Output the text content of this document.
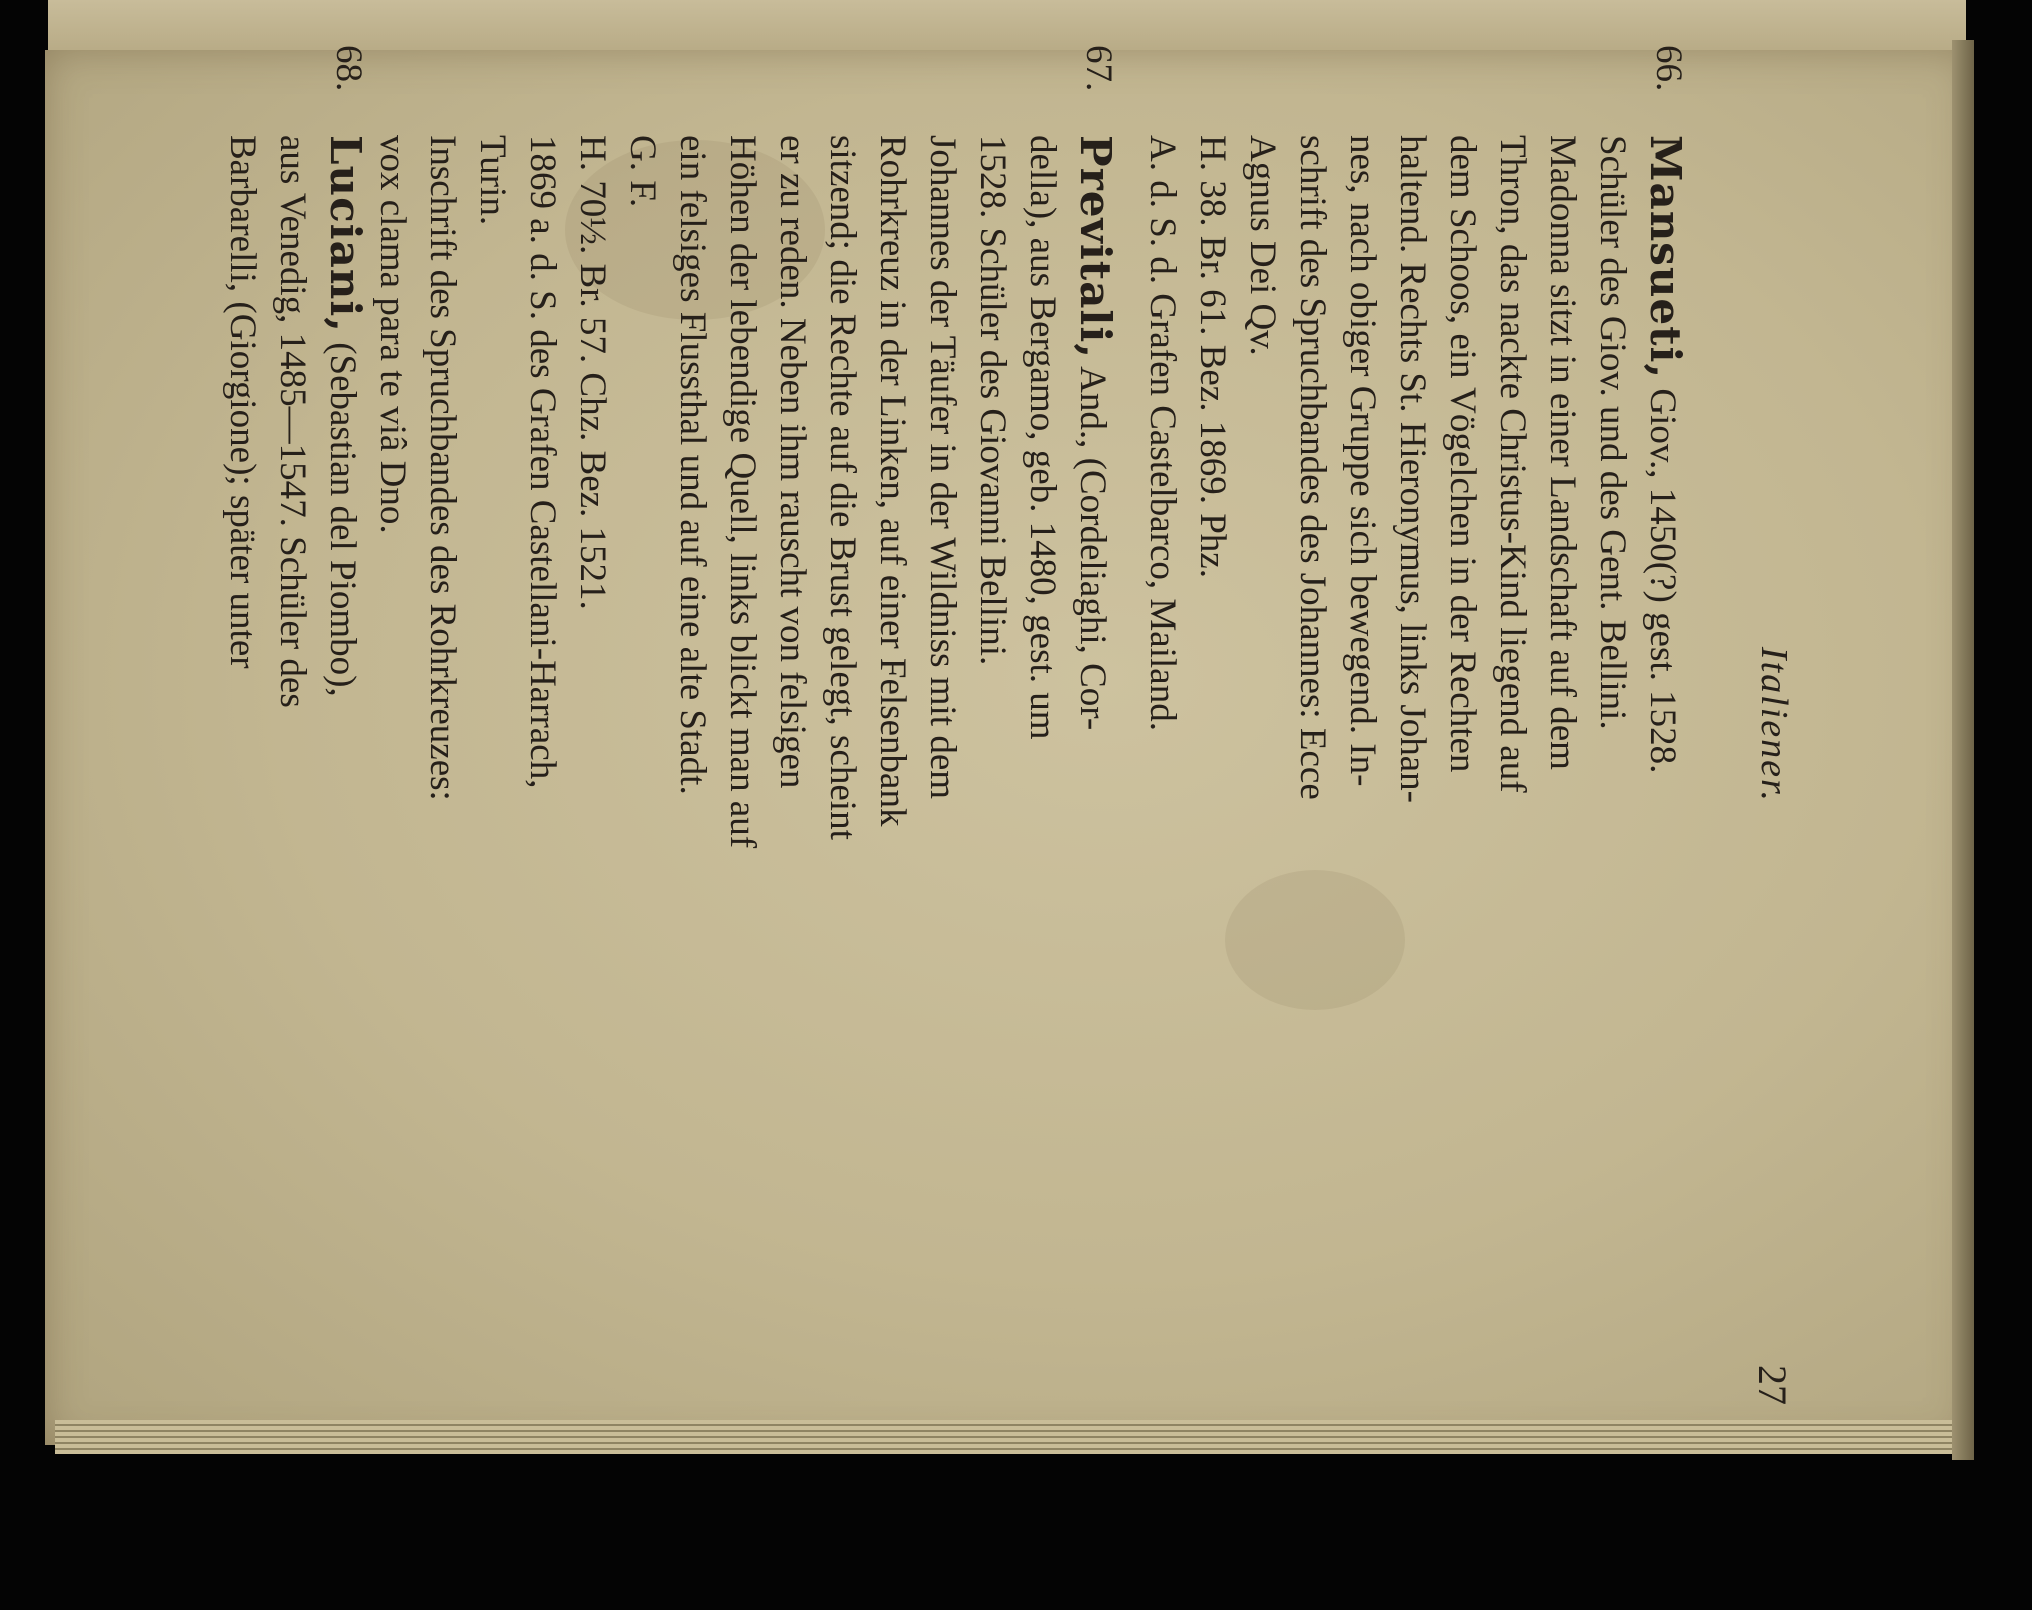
Italiener.
27
66.
Mansueti, Giov., 1450(?) gest. 1528.
Schüler des Giov. und des Gent. Bellini.
Madonna sitzt in einer Landschaft auf dem
Thron, das nackte Christus-Kind liegend auf
dem Schoos, ein Vögelchen in der Rechten
haltend. Rechts St. Hieronymus, links Johan-
nes, nach obiger Gruppe sich bewegend. In-
schrift des Spruchbandes des Johannes: Ecce
Agnus Dei Qv.
H. 38. Br. 61. Bez. 1869. Phz.
A. d. S. d. Grafen Castelbarco, Mailand.
67.
Previtali, And., (Cordeliaghi, Cor-
della), aus Bergamo, geb. 1480, gest. um
1528. Schüler des Giovanni Bellini.
Johannes der Täufer in der Wildniss mit dem
Rohrkreuz in der Linken, auf einer Felsenbank
sitzend; die Rechte auf die Brust gelegt, scheint
er zu reden. Neben ihm rauscht von felsigen
Höhen der lebendige Quell, links blickt man auf
ein felsiges Flussthal und auf eine alte Stadt.
G. F.
H. 70½. Br. 57. Chz. Bez. 1521.
1869 a. d. S. des Grafen Castellani-Harrach,
Turin.
Inschrift des Spruchbandes des Rohrkreuzes:
vox clama para te viâ Dno.
68.
Luciani, (Sebastian del Piombo),
aus Venedig, 1485—1547. Schüler des
Barbarelli, (Giorgione); später unter
